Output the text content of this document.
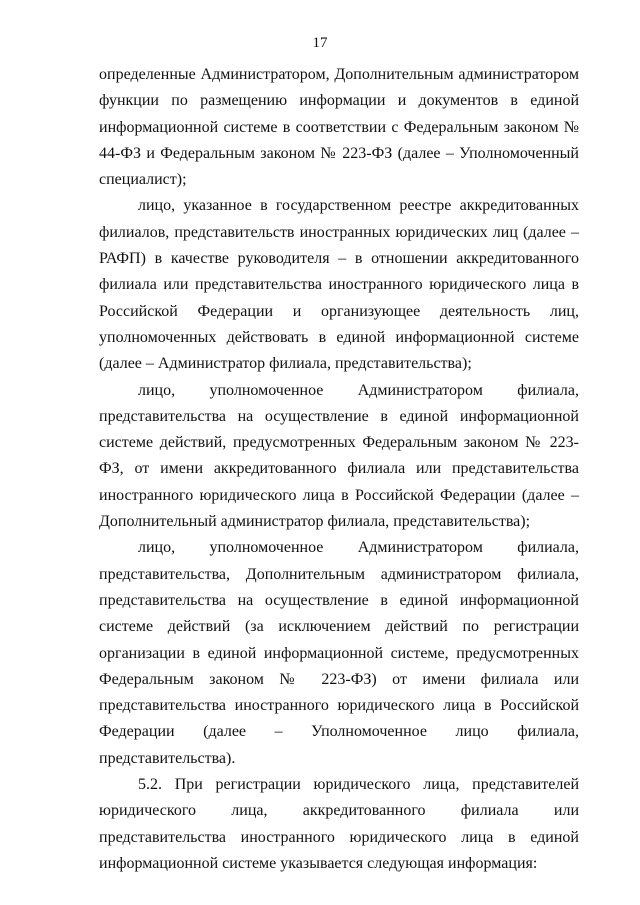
17

определенные Администратором, Дополнительным администратором функции по размещению информации и документов в единой информационной системе в соответствии с Федеральным законом № 44-ФЗ и Федеральным законом № 223-ФЗ (далее – Уполномоченный специалист);

лицо, указанное в государственном реестре аккредитованных филиалов, представительств иностранных юридических лиц (далее – РАФП) в качестве руководителя – в отношении аккредитованного филиала или представительства иностранного юридического лица в Российской Федерации и организующее деятельность лиц, уполномоченных действовать в единой информационной системе (далее – Администратор филиала, представительства);

лицо, уполномоченное Администратором филиала, представительства на осуществление в единой информационной системе действий, предусмотренных Федеральным законом № 223-ФЗ, от имени аккредитованного филиала или представительства иностранного юридического лица в Российской Федерации (далее – Дополнительный администратор филиала, представительства);

лицо, уполномоченное Администратором филиала, представительства, Дополнительным администратором филиала, представительства на осуществление в единой информационной системе действий (за исключением действий по регистрации организации в единой информационной системе, предусмотренных Федеральным законом № 223-ФЗ) от имени филиала или представительства иностранного юридического лица в Российской Федерации (далее – Уполномоченное лицо филиала, представительства).

5.2. При регистрации юридического лица, представителей юридического лица, аккредитованного филиала или представительства иностранного юридического лица в единой информационной системе указывается следующая информация:
